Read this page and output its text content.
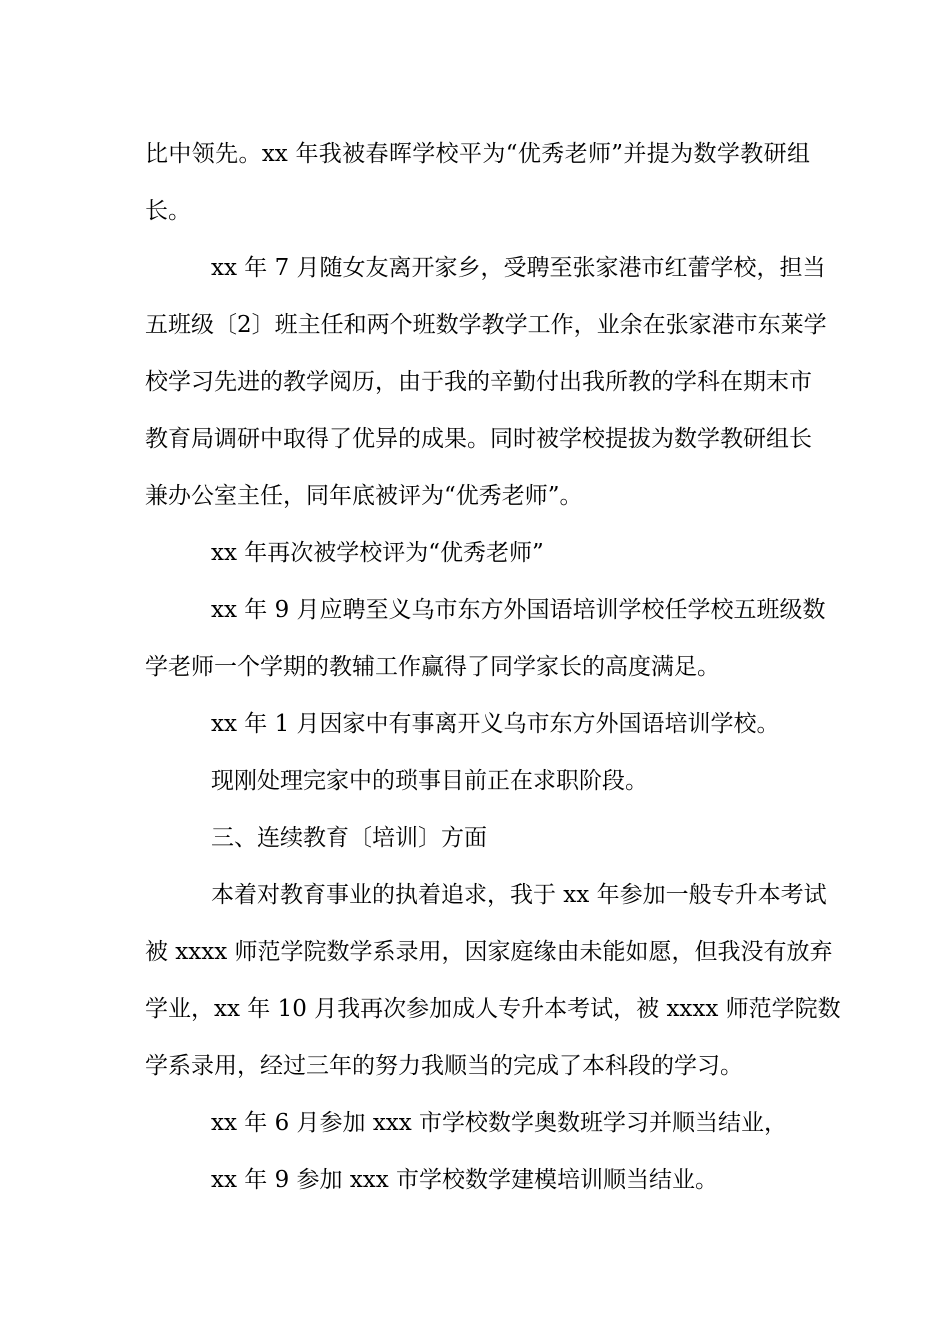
比中领先。xx 年我被春晖学校平为“优秀老师”并提为数学教研组
长。
xx 年 7 月随女友离开家乡，受聘至张家港市红蕾学校，担当
五班级〔2〕班主任和两个班数学教学工作，业余在张家港市东莱学
校学习先进的教学阅历，由于我的辛勤付出我所教的学科在期末市
教育局调研中取得了优异的成果。同时被学校提拔为数学教研组长
兼办公室主任，同年底被评为“优秀老师”。
xx 年再次被学校评为“优秀老师”
xx 年 9 月应聘至义乌市东方外国语培训学校任学校五班级数
学老师一个学期的教辅工作赢得了同学家长的高度满足。
xx 年 1 月因家中有事离开义乌市东方外国语培训学校。
现刚处理完家中的琐事目前正在求职阶段。
三、连续教育〔培训〕方面
本着对教育事业的执着追求，我于 xx 年参加一般专升本考试
被 xxxx 师范学院数学系录用，因家庭缘由未能如愿，但我没有放弃
学业，xx 年 10 月我再次参加成人专升本考试，被 xxxx 师范学院数
学系录用，经过三年的努力我顺当的完成了本科段的学习。
xx 年 6 月参加 xxx 市学校数学奥数班学习并顺当结业，
xx 年 9 参加 xxx 市学校数学建模培训顺当结业。
